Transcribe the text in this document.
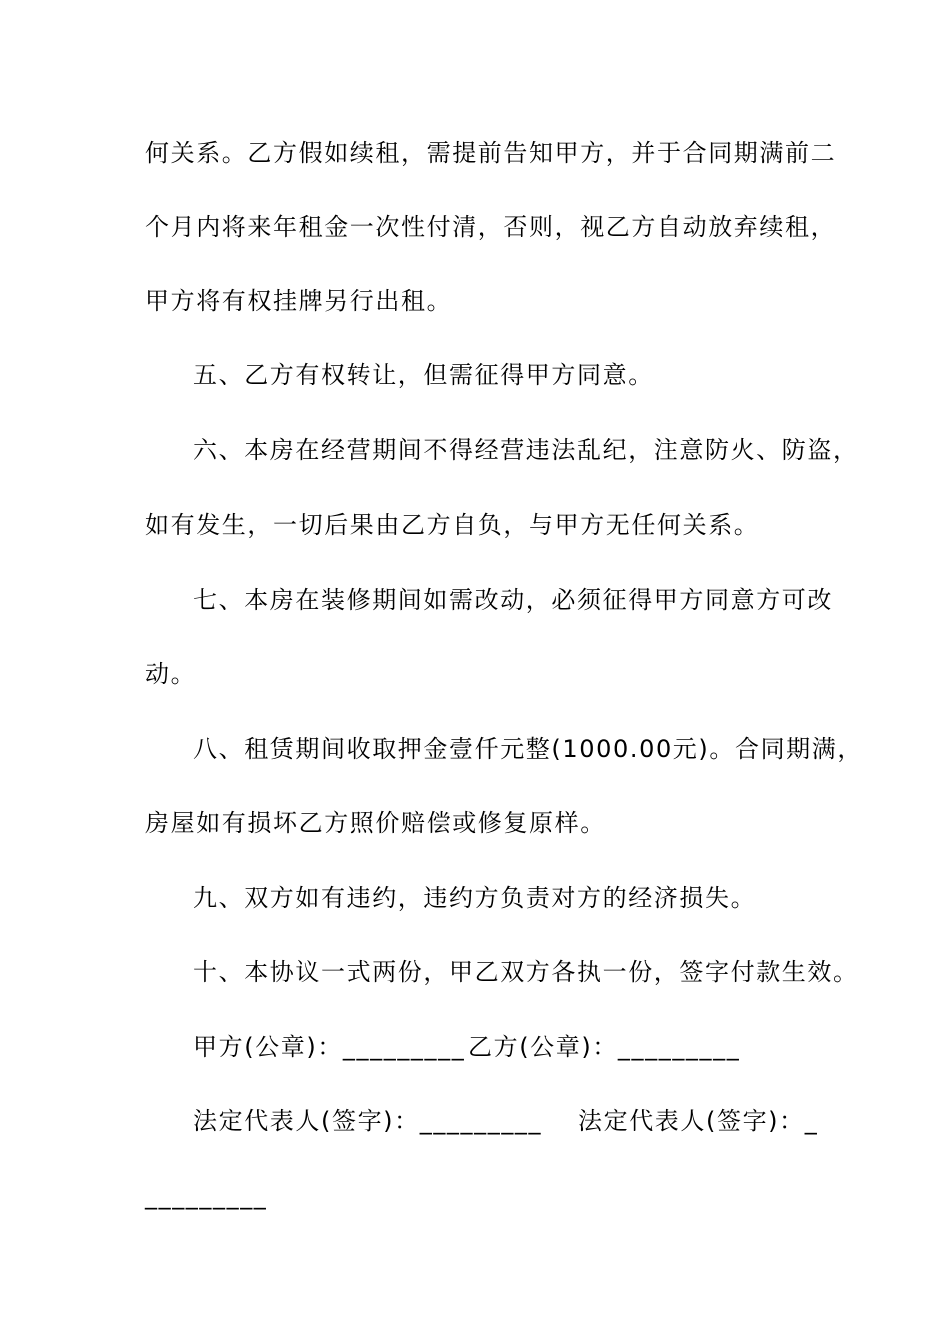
何关系。乙方假如续租，需提前告知甲方，并于合同期满前二
个月内将来年租金一次性付清，否则，视乙方自动放弃续租，
甲方将有权挂牌另行出租。
五、乙方有权转让，但需征得甲方同意。
六、本房在经营期间不得经营违法乱纪，注意防火、防盗，
如有发生，一切后果由乙方自负，与甲方无任何关系。
七、本房在装修期间如需改动，必须征得甲方同意方可改
动。
八、租赁期间收取押金壹仟元整(1000.00元)。合同期满，
房屋如有损坏乙方照价赔偿或修复原样。
九、双方如有违约，违约方负责对方的经济损失。
十、本协议一式两份，甲乙双方各执一份，签字付款生效。
甲方(公章)：_________ 乙方(公章)：_________
法定代表人(签字)：_________ 法定代表人(签字)：_
_________
